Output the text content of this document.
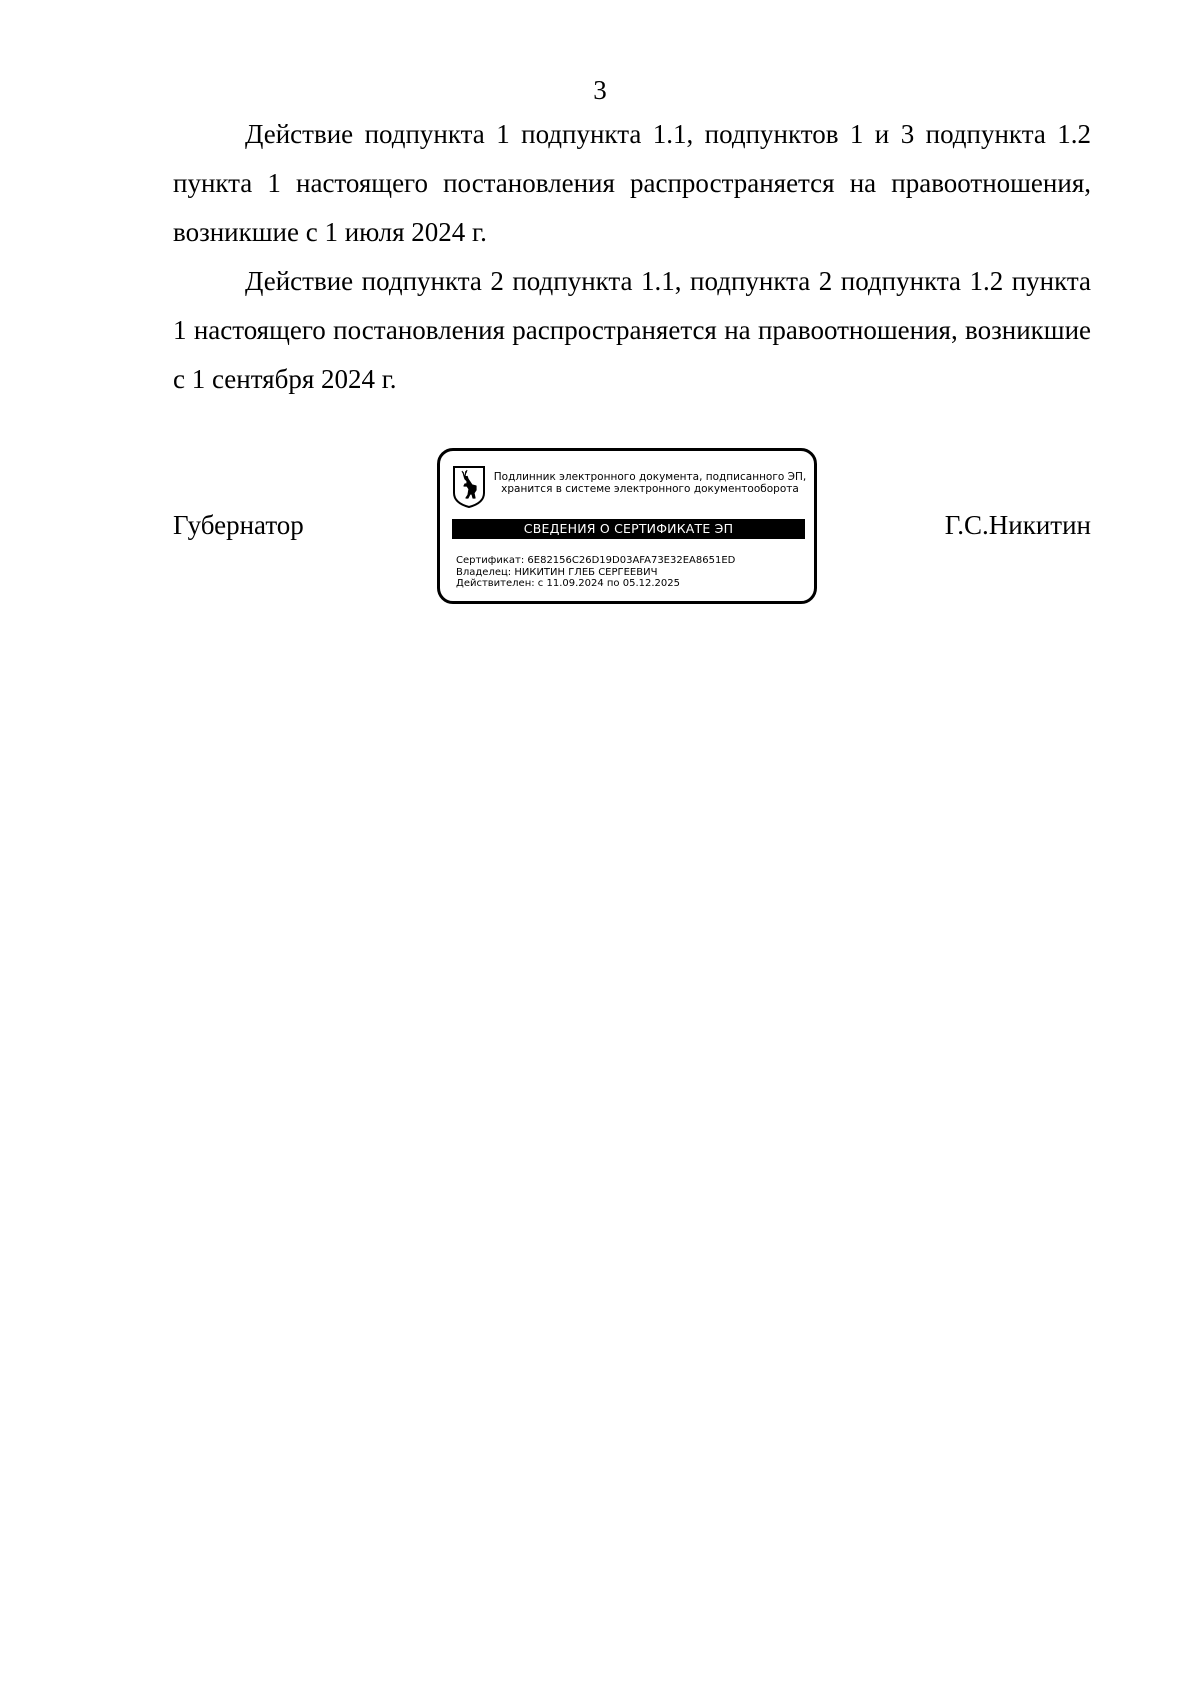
3

Действие подпункта 1 подпункта 1.1, подпунктов 1 и 3 подпункта 1.2 пункта 1 настоящего постановления распространяется на правоотношения, возникшие с 1 июля 2024 г.

Действие подпункта 2 подпункта 1.1, подпункта 2 подпункта 1.2 пункта 1 настоящего постановления распространяется на правоотношения, возникшие с 1 сентября 2024 г.

Губернатор
Подлинник электронного документа, подписанного ЭП,
хранится в системе электронного документооборота
СВЕДЕНИЯ О СЕРТИФИКАТЕ ЭП
Сертификат: 6E82156C26D19D03AFA73E32EA8651ED
Владелец: НИКИТИН ГЛЕБ СЕРГЕЕВИЧ
Действителен: с 11.09.2024 по 05.12.2025
Г.С.Никитин
